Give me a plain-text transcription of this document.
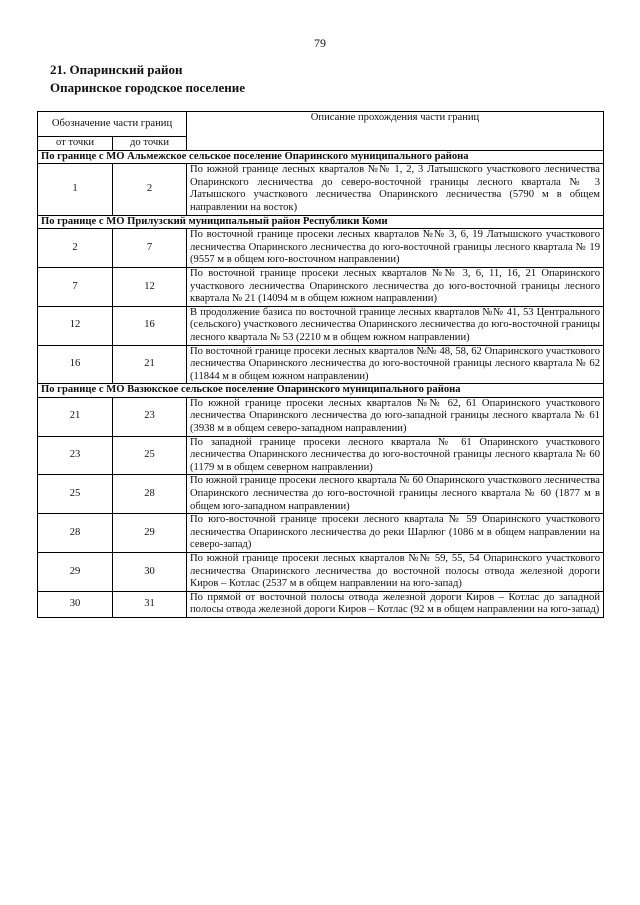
79
21. Опаринский район
Опаринское городское поселение
Обозначение части границ		Описание прохождения части границ
от точки	до точки	
По границе с МО Альмежское сельское поселение Опаринского муниципального района		
1	2	По южной границе лесных кварталов №№ 1, 2, 3 Латышского участкового лесничества Опаринского лесничества до северо-восточной границы лесного квартала № 3 Латышского участкового лесничества Опаринского лесничества (5790 м в общем направлении на восток)
По границе с МО Прилузский муниципальный район Республики Коми		
2	7	По восточной границе просеки лесных кварталов №№ 3, 6, 19 Латышского участкового лесничества Опаринского лесничества до юго-восточной границы лесного квартала № 19 (9557 м в общем юго-восточном направлении)
7	12	По восточной границе просеки лесных кварталов №№ 3, 6, 11, 16, 21 Опаринского участкового лесничества Опаринского лесничества до юго-восточной границы лесного квартала № 21 (14094 м в общем южном направлении)
12	16	В продолжение базиса по восточной границе лесных кварталов №№ 41, 53 Центрального (сельского) участкового лесничества Опаринского лесничества до юго-восточной границы лесного квартала № 53 (2210 м в общем южном направлении)
16	21	По восточной границе просеки лесных кварталов №№ 48, 58, 62 Опаринского участкового лесничества Опаринского лесничества до юго-восточной границы лесного квартала № 62 (11844 м в общем южном направлении)
По границе с МО Вазюкское сельское поселение Опаринского муниципального района		
21	23	По южной границе просеки лесных кварталов №№ 62, 61 Опаринского участкового лесничества Опаринского лесничества до юго-западной границы лесного квартала № 61 (3938 м в общем северо-западном направлении)
23	25	По западной границе просеки лесного квартала № 61 Опаринского участкового лесничества Опаринского лесничества до юго-восточной границы лесного квартала № 60 (1179 м в общем северном направлении)
25	28	По южной границе просеки лесного квартала № 60 Опаринского участкового лесничества Опаринского лесничества до юго-восточной границы лесного квартала № 60 (1877 м в общем юго-западном направлении)
28	29	По юго-восточной границе просеки лесного квартала № 59 Опаринского участкового лесничества Опаринского лесничества до реки Шарлюг (1086 м в общем направлении на северо-запад)
29	30	По южной границе просеки лесных кварталов №№ 59, 55, 54 Опаринского участкового лесничества Опаринского лесничества до восточной полосы отвода железной дороги Киров – Котлас (2537 м в общем направлении на юго-запад)
30	31	По прямой от восточной полосы отвода железной дороги Киров – Котлас до западной полосы отвода железной дороги Киров – Котлас (92 м в общем направлении на юго-запад)
